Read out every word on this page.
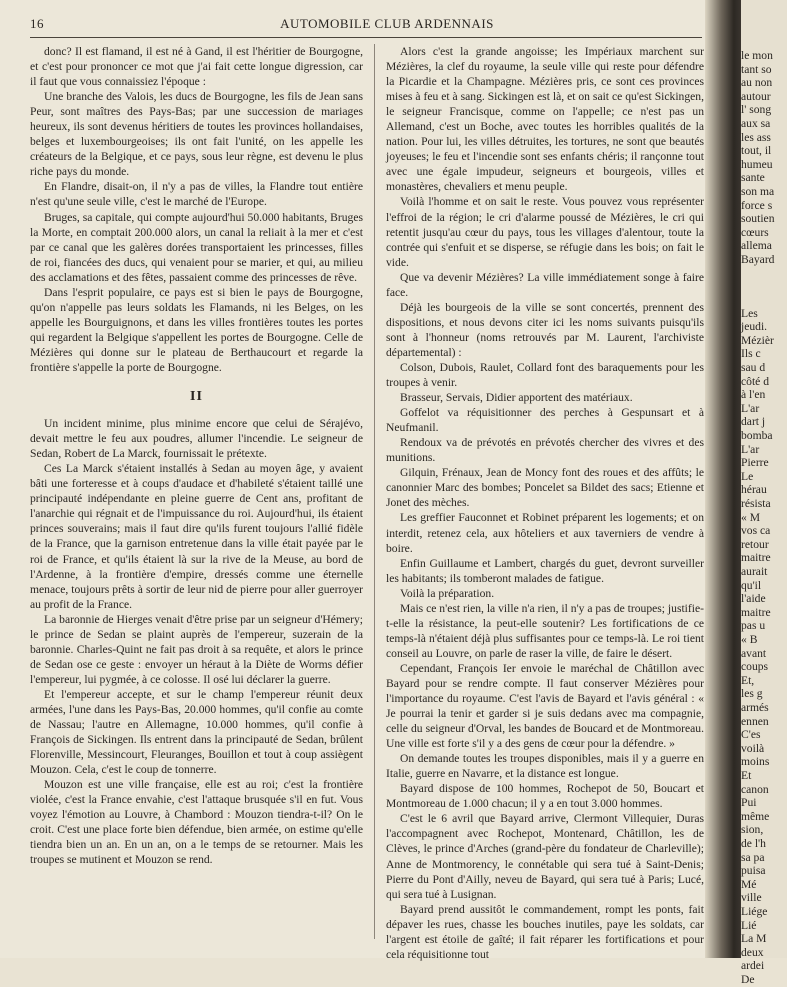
16	AUTOMOBILE CLUB ARDENNAIS

donc? Il est flamand, il est né à Gand, il est l'héritier de Bourgogne, et c'est pour prononcer ce mot que j'ai fait cette longue digression, car il faut que vous connaissiez l'époque :

Une branche des Valois, les ducs de Bourgogne, les fils de Jean sans Peur, sont maîtres des Pays-Bas; par une succession de mariages heureux, ils sont devenus héritiers de toutes les provinces hollandaises, belges et luxembourgeoises; ils ont fait l'unité, on les appelle les créateurs de la Belgique, et ce pays, sous leur règne, est devenu le plus riche pays du monde.

En Flandre, disait-on, il n'y a pas de villes, la Flandre tout entière n'est qu'une seule ville, c'est le marché de l'Europe.

Bruges, sa capitale, qui compte aujourd'hui 50.000 habitants, Bruges la Morte, en comptait 200.000 alors, un canal la reliait à la mer et c'est par ce canal que les galères dorées transportaient les princesses, filles de roi, fiancées des ducs, qui venaient pour se marier, et qui, au milieu des acclamations et des fêtes, passaient comme des princesses de rêve.

Dans l'esprit populaire, ce pays est si bien le pays de Bourgogne, qu'on n'appelle pas leurs soldats les Flamands, ni les Belges, on les appelle les Bourguignons, et dans les villes frontières toutes les portes qui regardent la Belgique s'appellent les portes de Bourgogne. Celle de Mézières qui donne sur le plateau de Berthaucourt et regarde la frontière s'appelle la porte de Bourgogne.

II

Un incident minime, plus minime encore que celui de Sérajévo, devait mettre le feu aux poudres, allumer l'incendie. Le seigneur de Sedan, Robert de La Marck, fournissait le prétexte.

Ces La Marck s'étaient installés à Sedan au moyen âge, y avaient bâti une forteresse et à coups d'audace et d'habileté s'étaient taillé une principauté indépendante en pleine guerre de Cent ans, profitant de l'anarchie qui régnait et de l'impuissance du roi. Aujourd'hui, ils étaient princes souverains; mais il faut dire qu'ils furent toujours l'allié fidèle de la France, que la garnison entretenue dans la ville était payée par le roi de France, et qu'ils étaient là sur la rive de la Meuse, au bord de l'Ardenne, à la frontière d'empire, dressés comme une éternelle menace, toujours prêts à sortir de leur nid de pierre pour aller guerroyer au profit de la France.

La baronnie de Hierges venait d'être prise par un seigneur d'Hémery; le prince de Sedan se plaint auprès de l'empereur, suzerain de la baronnie. Charles-Quint ne fait pas droit à sa requête, et alors le prince de Sedan ose ce geste : envoyer un héraut à la Diète de Worms défier l'empereur, lui pygmée, à ce colosse. Il osé lui déclarer la guerre.

Et l'empereur accepte, et sur le champ l'empereur réunit deux armées, l'une dans les Pays-Bas, 20.000 hommes, qu'il confie au comte de Nassau; l'autre en Allemagne, 10.000 hommes, qu'il confie à François de Sickingen. Ils entrent dans la principauté de Sedan, brûlent Florenville, Messincourt, Fleuranges, Bouillon et tout à coup assiègent Mouzon. Cela, c'est le coup de tonnerre.

Mouzon est une ville française, elle est au roi; c'est la frontière violée, c'est la France envahie, c'est l'attaque brusquée s'il en fut. Vous voyez l'émotion au Louvre, à Chambord : Mouzon tiendra-t-il? On le croit. C'est une place forte bien défendue, bien armée, on estime qu'elle tiendra bien un an. En un an, on a le temps de se retourner. Mais les troupes se mutinent et Mouzon se rend.

Alors c'est la grande angoisse; les Impériaux marchent sur Mézières, la clef du royaume, la seule ville qui reste pour défendre la Picardie et la Champagne. Mézières pris, ce sont ces provinces mises à feu et à sang. Sickingen est là, et on sait ce qu'est Sickingen, le seigneur Francisque, comme on l'appelle; ce n'est pas un Allemand, c'est un Boche, avec toutes les horribles qualités de la nation. Pour lui, les villes détruites, les tortures, ne sont que beautés joyeuses; le feu et l'incendie sont ses enfants chéris; il rançonne tout avec une égale impudeur, seigneurs et bourgeois, villes et monastères, chevaliers et menu peuple.

Voilà l'homme et on sait le reste. Vous pouvez vous représenter l'effroi de la région; le cri d'alarme poussé de Mézières, le cri qui retentit jusqu'au cœur du pays, tous les villages d'alentour, toute la contrée qui s'enfuit et se disperse, se réfugie dans les bois; on fait le vide.

Que va devenir Mézières? La ville immédiatement songe à faire face.

Déjà les bourgeois de la ville se sont concertés, prennent des dispositions, et nous devons citer ici les noms suivants puisqu'ils sont à l'honneur (noms retrouvés par M. Laurent, l'archiviste départemental) :

Colson, Dubois, Raulet, Collard font des baraquements pour les troupes à venir.

Brasseur, Servais, Didier apportent des matériaux.

Goffelot va réquisitionner des perches à Gespunsart et à Neufmanil.

Rendoux va de prévotés en prévotés chercher des vivres et des munitions.

Gilquin, Frénaux, Jean de Moncy font des roues et des affûts; le canonnier Marc des bombes; Poncelet sa Bildet des sacs; Etienne et Jonet des mèches.

Les greffier Fauconnet et Robinet préparent les logements; et on interdit, retenez cela, aux hôteliers et aux taverniers de vendre à boire.

Enfin Guillaume et Lambert, chargés du guet, devront surveiller les habitants; ils tomberont malades de fatigue.

Voilà la préparation.

Mais ce n'est rien, la ville n'a rien, il n'y a pas de troupes; justifie-t-elle la résistance, la peut-elle soutenir? Les fortifications de ce temps-là n'étaient déjà plus suffisantes pour ce temps-là. Le roi tient conseil au Louvre, on parle de raser la ville, de faire le désert.

Cependant, François Ier envoie le maréchal de Châtillon avec Bayard pour se rendre compte. Il faut conserver Mézières pour l'importance du royaume. C'est l'avis de Bayard et l'avis général : « Je pourrai la tenir et garder si je suis dedans avec ma compagnie, celle du seigneur d'Orval, les bandes de Boucard et de Montmoreau. Une ville est forte s'il y a des gens de cœur pour la défendre. »

On demande toutes les troupes disponibles, mais il y a guerre en Italie, guerre en Navarre, et la distance est longue.

Bayard dispose de 100 hommes, Rochepot de 50, Boucart et Montmoreau de 1.000 chacun; il y a en tout 3.000 hommes.

C'est le 6 avril que Bayard arrive, Clermont Villequier, Duras l'accompagnent avec Rochepot, Montenard, Châtillon, les de Clèves, le prince d'Arches (grand-père du fondateur de Charleville); Anne de Montmorency, le connétable qui sera tué à Saint-Denis; Pierre du Pont d'Ailly, neveu de Bayard, qui sera tué à Paris; Lucé, qui sera tué à Lusignan.

Bayard prend aussitôt le commandement, rompt les ponts, fait dépaver les rues, chasse les bouches inutiles, paye les soldats, car l'argent est étoile de gaîté; il fait réparer les fortifications et pour cela réquisitionne tout

le mon
tant so
au non
autour
l' song
aux sa
les ass
tout, il
humeu
sante
son ma
force s
soutien
cœurs
allema
Bayard
Les
jeudi.
Mézièr
Ils c
sau d
côté d
à l'en
L'ar
dart j
bomba
L'ar
Pierre
Le
hérau
résista
« M
vos ca
retour
maitre
aurait
qu'il
l'aide
maitre
pas u
« B
avant
coups
Et,
les g
armés
ennen
C'es
voilà
moins
Et
canon
Pui
même
sion,
de l'h
sa pa
puisa
Mé
ville
Liége
Lié
La M
deux
ardei
De
